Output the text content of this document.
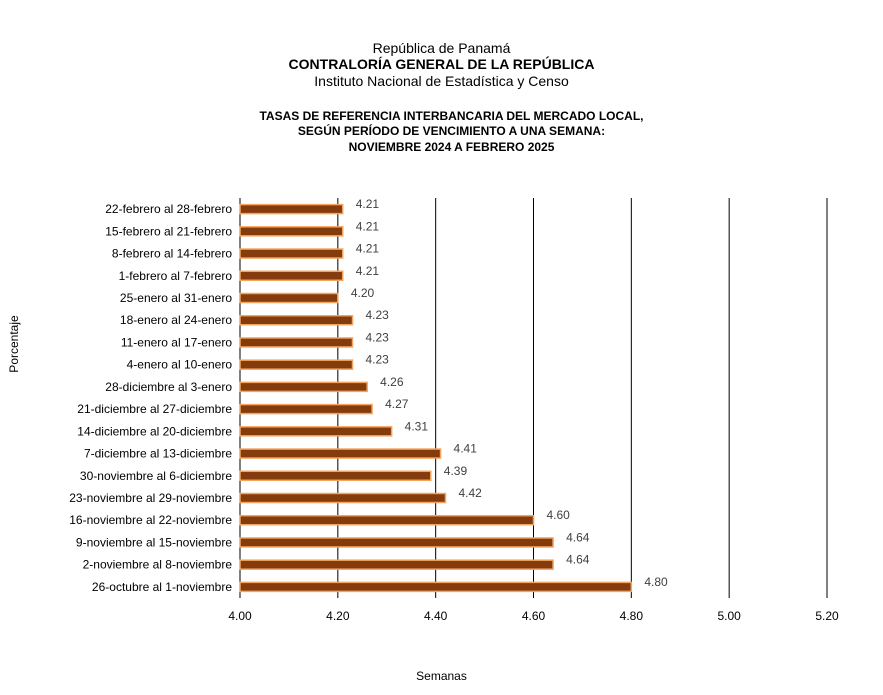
República de Panamá
CONTRALORÍA GENERAL DE LA REPÚBLICA
Instituto Nacional de Estadística y Censo
TASAS DE REFERENCIA INTERBANCARIA DEL MERCADO LOCAL,
SEGÚN PERÍODO DE VENCIMIENTO A UNA SEMANA:
NOVIEMBRE 2024 A FEBRERO 2025
4.00	4.20	4.40	4.60	4.80	5.00	5.20
22-febrero al 28-febrero	4.21
15-febrero al 21-febrero	4.21
8-febrero al 14-febrero	4.21
1-febrero al 7-febrero	4.21
25-enero al 31-enero	4.20
18-enero al 24-enero	4.23
11-enero al 17-enero	4.23
4-enero al 10-enero	4.23
28-diciembre al 3-enero	4.26
21-diciembre al 27-diciembre	4.27
14-diciembre al 20-diciembre	4.31
7-diciembre al 13-diciembre	4.41
30-noviembre al 6-diciembre	4.39
23-noviembre al 29-noviembre	4.42
16-noviembre al 22-noviembre	4.60
9-noviembre al 15-noviembre	4.64
2-noviembre al 8-noviembre	4.64
26-octubre al 1-noviembre	4.80
Porcentaje
Semanas
